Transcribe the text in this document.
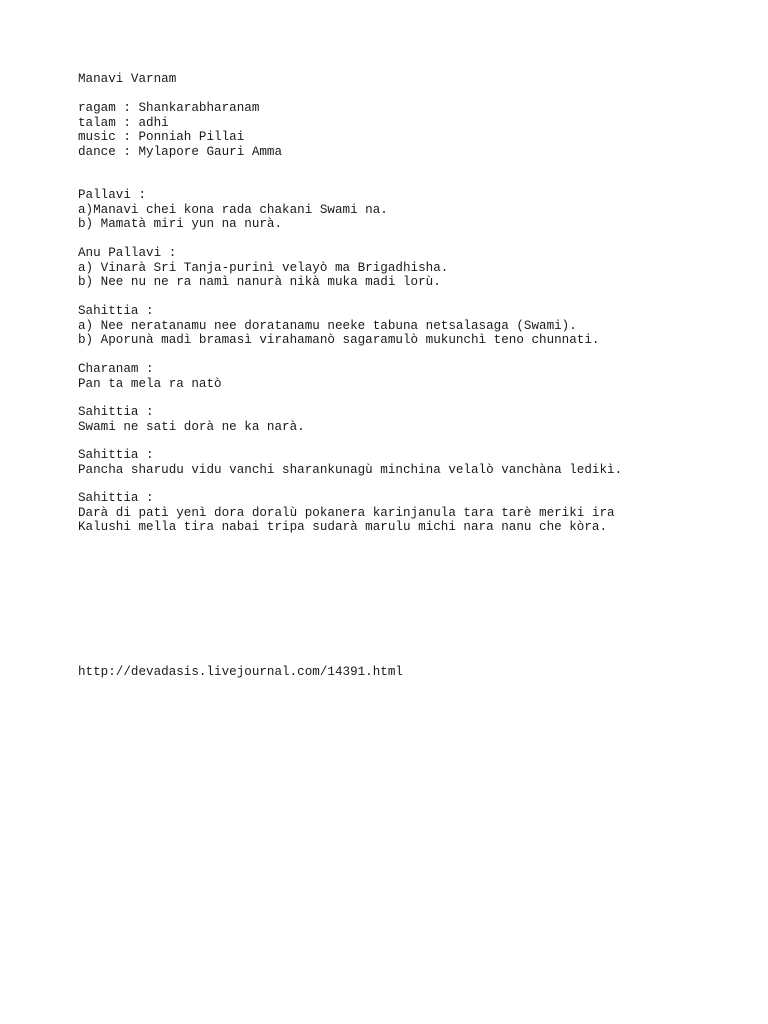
Manavi Varnam
ragam : Shankarabharanam
talam : adhi
music : Ponniah Pillai
dance : Mylapore Gauri Amma
Pallavi :
a)Manavi chei kona rada chakani Swami na.
b) Mamatà miri yun na nurà.
Anu Pallavi :
a) Vinarà Sri Tanja-purinì velayò ma Brigadhisha.
b) Nee nu ne ra namì nanurà nikà muka madi lorù.
Sahittia :
a) Nee neratanamu nee doratanamu neeke tabuna netsalasaga (Swami).
b) Aporunà madì bramasì virahamanò sagaramulò mukunchì teno chunnati.
Charanam :
Pan ta mela ra natò
Sahittia :
Swami ne sati dorà ne ka narà.
Sahittia :
Pancha sharudu vidu vanchi sharankunagù minchina velalò vanchàna ledikì.
Sahittia :
Darà di patì yenì dora doralù pokanera karinjanula tara tarè meriki ira
Kalushi mella tira nabai tripa sudarà marulu michi nara nanu che kòra.
http://devadasis.livejournal.com/14391.html
